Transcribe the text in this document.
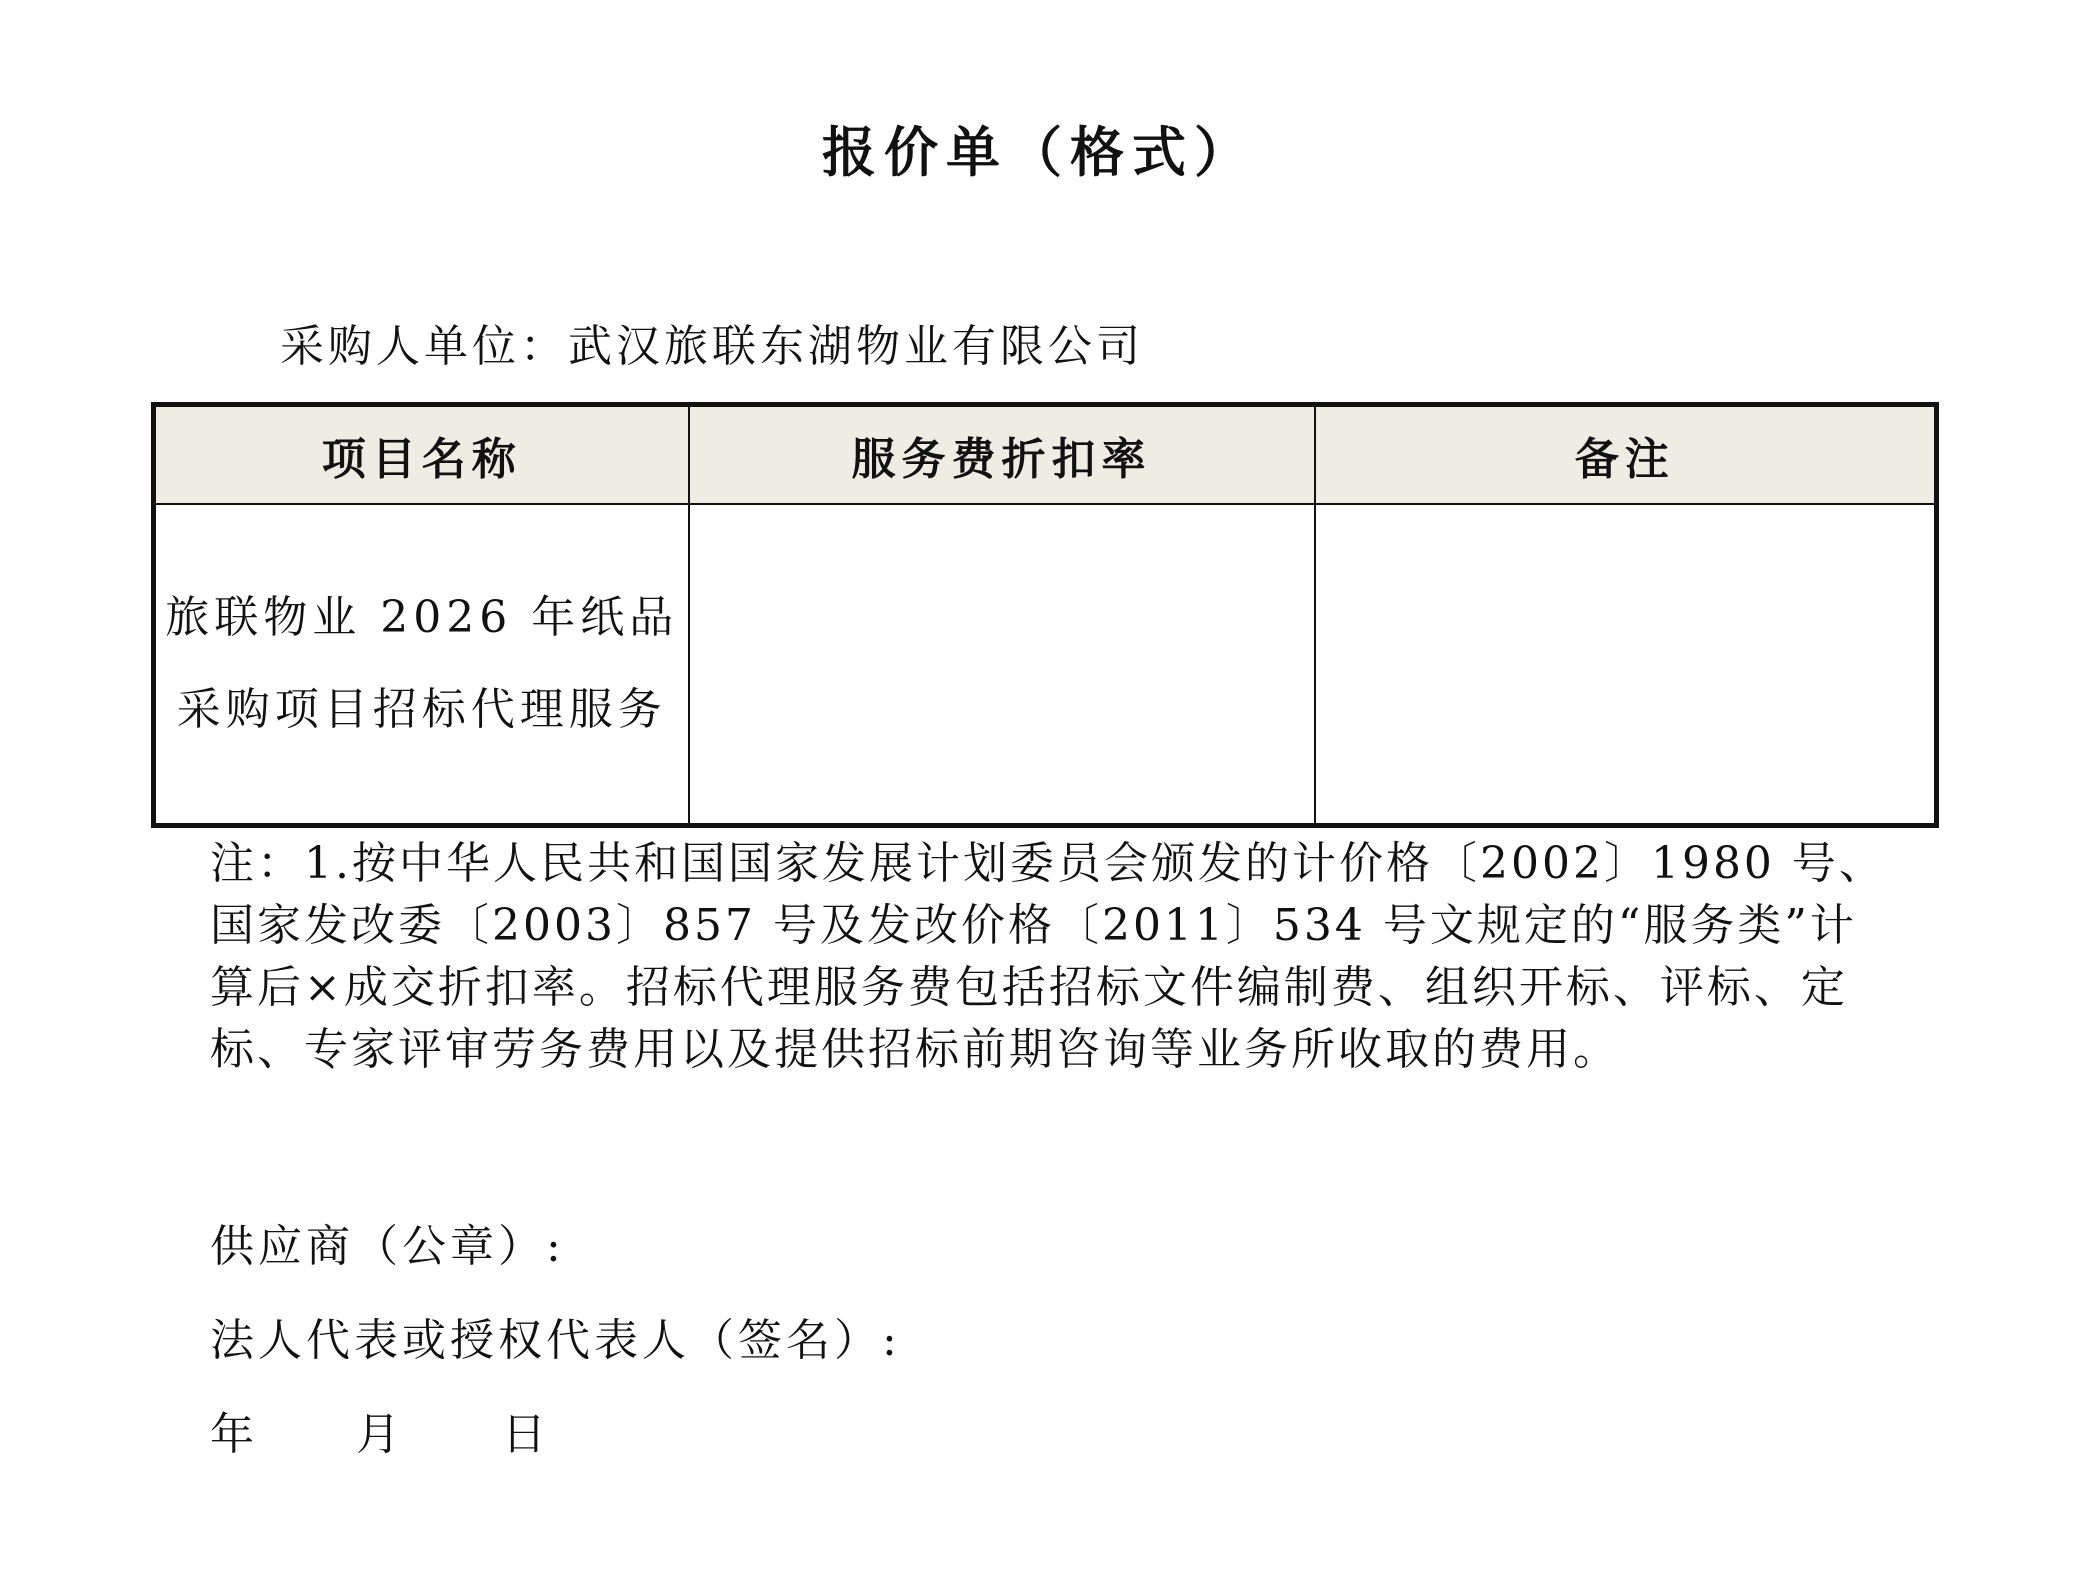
报价单（格式）
采购人单位：武汉旅联东湖物业有限公司
项目名称	服务费折扣率	备注

旅联物业 2026 年纸品
采购项目招标代理服务		

注：1.按中华人民共和国国家发展计划委员会颁发的计价格〔2002〕1980 号、国家发改委〔2003〕857 号及发改价格〔2011〕534 号文规定的“服务类”计算后×成交折扣率。招标代理服务费包括招标文件编制费、组织开标、评标、定标、专家评审劳务费用以及提供招标前期咨询等业务所收取的费用。
供应商（公章）:
法人代表或授权代表人（签名）:
年 月 日
